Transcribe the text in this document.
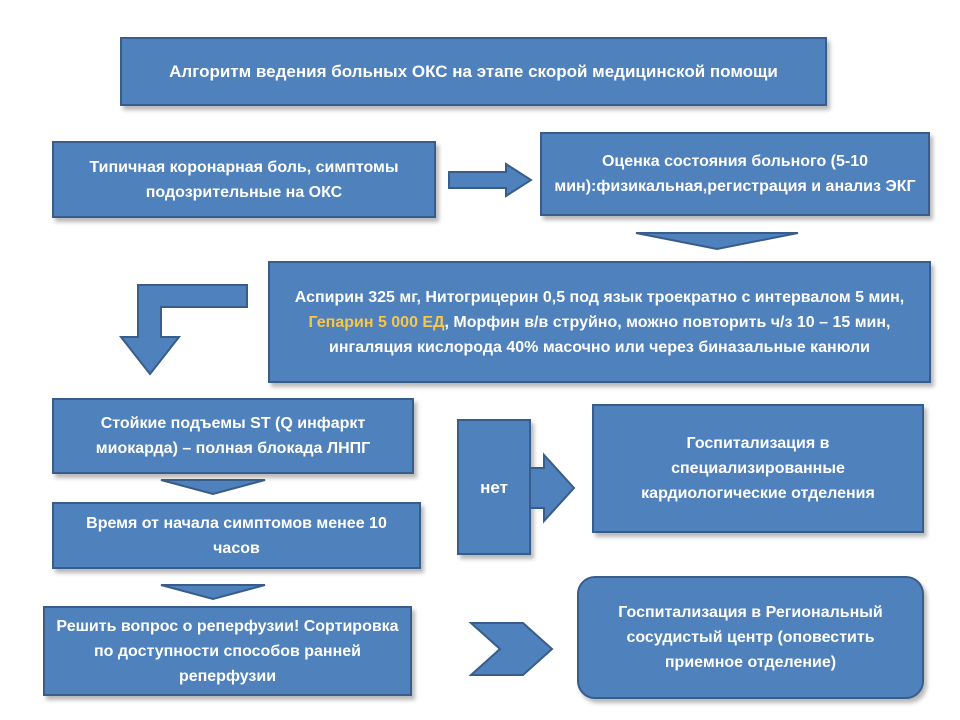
Алгоритм ведения больных ОКС на этапе скорой медицинской помощи
Типичная коронарная боль, симптомы подозрительные на ОКС
Оценка состояния больного (5-10 мин):физикальная,регистрация и анализ ЭКГ
Аспирин 325 мг, Нитогрицерин 0,5 под язык троекратно с интервалом 5 мин, Гепарин 5 000 ЕД, Морфин в/в струйно, можно повторить ч/з 10 – 15 мин, ингаляция кислорода 40% масочно или через биназальные канюли
Стойкие подъемы ST (Q инфаркт миокарда) – полная блокада ЛНПГ
Время от начала симптомов менее 10 часов
Решить вопрос о реперфузии! Сортировка по доступности способов ранней реперфузии
нет
Госпитализация в специализированные кардиологические отделения
Госпитализация в Региональный сосудистый центр (оповестить приемное отделение)
